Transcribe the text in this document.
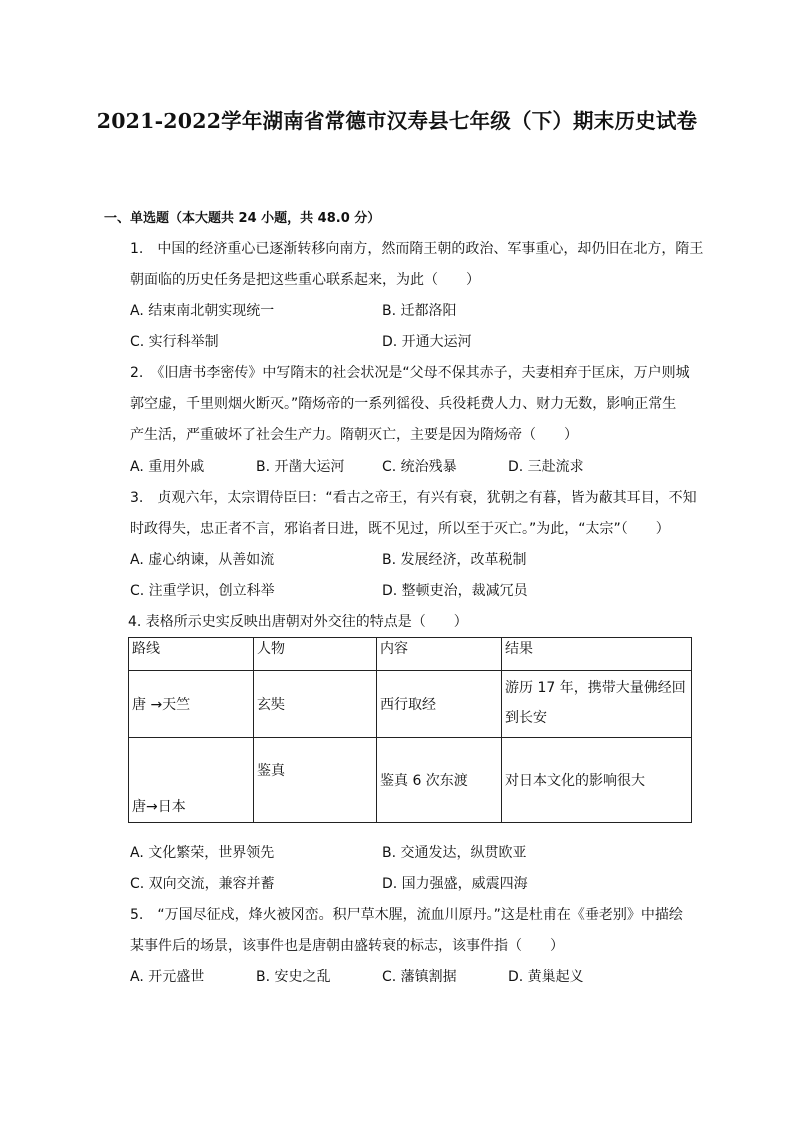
2021-2022学年湖南省常德市汉寿县七年级（下）期末历史试卷
一、单选题（本大题共 24 小题，共 48.0 分）
1.　中国的经济重心已逐渐转移向南方，然而隋王朝的政治、军事重心，却仍旧在北方，隋王
朝面临的历史任务是把这些重心联系起来，为此（　　）
A. 结束南北朝实现统一	B. 迁都洛阳
C. 实行科举制	D. 开通大运河
2.　《旧唐书李密传》中写隋末的社会状况是“父母不保其赤子，夫妻相弃于匡床，万户则城
郭空虚，千里则烟火断灭。”隋炀帝的一系列徭役、兵役耗费人力、财力无数，影响正常生
产生活，严重破坏了社会生产力。隋朝灭亡，主要是因为隋炀帝（　　）
A. 重用外戚	B. 开凿大运河	C. 统治残暴	D. 三赴流求
3.　贞观六年，太宗谓侍臣曰：“看古之帝王，有兴有衰，犹朝之有暮，皆为蔽其耳目，不知
时政得失，忠正者不言，邪谄者日进，既不见过，所以至于灭亡。”为此，“太宗”（　　）
A. 虚心纳谏，从善如流	B. 发展经济，改革税制
C. 注重学识，创立科举	D. 整顿吏治，裁减冗员
4. 表格所示史实反映出唐朝对外交往的特点是（　　）
路线	人物	内容	结果
唐 →天竺	玄奘	西行取经	游历 17 年，携带大量佛经回到长安
唐→日本	鉴真	鉴真 6 次东渡	对日本文化的影响很大
A. 文化繁荣，世界领先	B. 交通发达，纵贯欧亚
C. 双向交流，兼容并蓄	D. 国力强盛，威震四海
5.　“万国尽征戍，烽火被冈峦。积尸草木腥，流血川原丹。”这是杜甫在《垂老别》中描绘
某事件后的场景，该事件也是唐朝由盛转衰的标志，该事件指（　　）
A. 开元盛世	B. 安史之乱	C. 藩镇割据	D. 黄巢起义
